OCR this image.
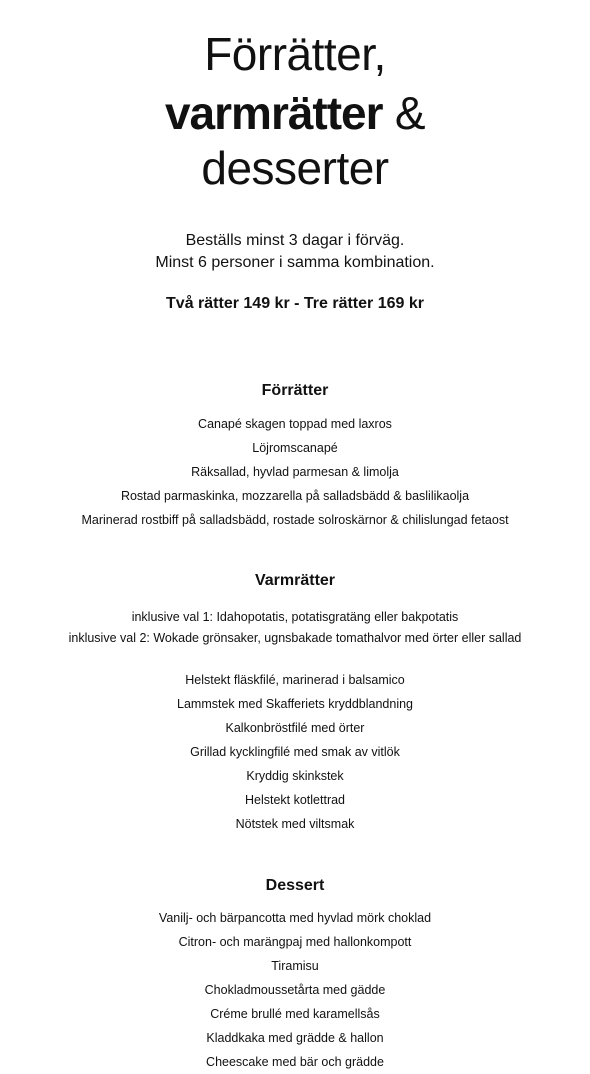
Förrätter,
varmrätter &
desserter

Beställs minst 3 dagar i förväg.

Minst 6 personer i samma kombination.

Två rätter 149 kr - Tre rätter 169 kr

Förrätter
Canapé skagen toppad med laxros
Löjromscanapé
Räksallad, hyvlad parmesan & limolja
Rostad parmaskinka, mozzarella på salladsbädd & baslilikaolja
Marinerad rostbiff på salladsbädd, rostade solroskärnor & chilislungad fetaost
Varmrätter
inklusive val 1: Idahopotatis, potatisgratäng eller bakpotatis
inklusive val 2: Wokade grönsaker, ugnsbakade tomathalvor med örter eller sallad
Helstekt fläskfilé, marinerad i balsamico
Lammstek med Skafferiets kryddblandning
Kalkonbröstfilé med örter
Grillad kycklingfilé med smak av vitlök
Kryddig skinkstek
Helstekt kotlettrad
Nötstek med viltsmak
Dessert
Vanilj- och bärpancotta med hyvlad mörk choklad
Citron- och marängpaj med hallonkompott
Tiramisu
Chokladmoussetårta med gädde
Créme brullé med karamellsås
Kladdkaka med grädde & hallon
Cheescake med bär och grädde
